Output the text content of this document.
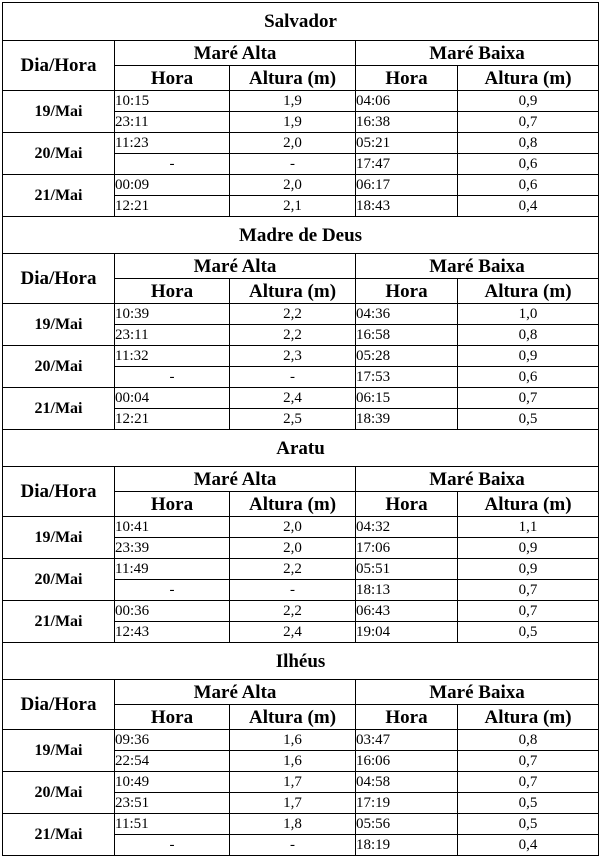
Salvador				
Dia/Hora	Maré Alta		Maré Baixa	
	Hora	Altura (m)	Hora	Altura (m)
19/Mai	10:15	1,9	04:06	0,9
	23:11	1,9	16:38	0,7
20/Mai	11:23	2,0	05:21	0,8
	-	-	17:47	0,6
21/Mai	00:09	2,0	06:17	0,6
	12:21	2,1	18:43	0,4
Madre de Deus				
Dia/Hora	Maré Alta		Maré Baixa	
	Hora	Altura (m)	Hora	Altura (m)
19/Mai	10:39	2,2	04:36	1,0
	23:11	2,2	16:58	0,8
20/Mai	11:32	2,3	05:28	0,9
	-	-	17:53	0,6
21/Mai	00:04	2,4	06:15	0,7
	12:21	2,5	18:39	0,5
Aratu				
Dia/Hora	Maré Alta		Maré Baixa	
	Hora	Altura (m)	Hora	Altura (m)
19/Mai	10:41	2,0	04:32	1,1
	23:39	2,0	17:06	0,9
20/Mai	11:49	2,2	05:51	0,9
	-	-	18:13	0,7
21/Mai	00:36	2,2	06:43	0,7
	12:43	2,4	19:04	0,5
Ilhéus				
Dia/Hora	Maré Alta		Maré Baixa	
	Hora	Altura (m)	Hora	Altura (m)
19/Mai	09:36	1,6	03:47	0,8
	22:54	1,6	16:06	0,7
20/Mai	10:49	1,7	04:58	0,7
	23:51	1,7	17:19	0,5
21/Mai	11:51	1,8	05:56	0,5
	-	-	18:19	0,4
